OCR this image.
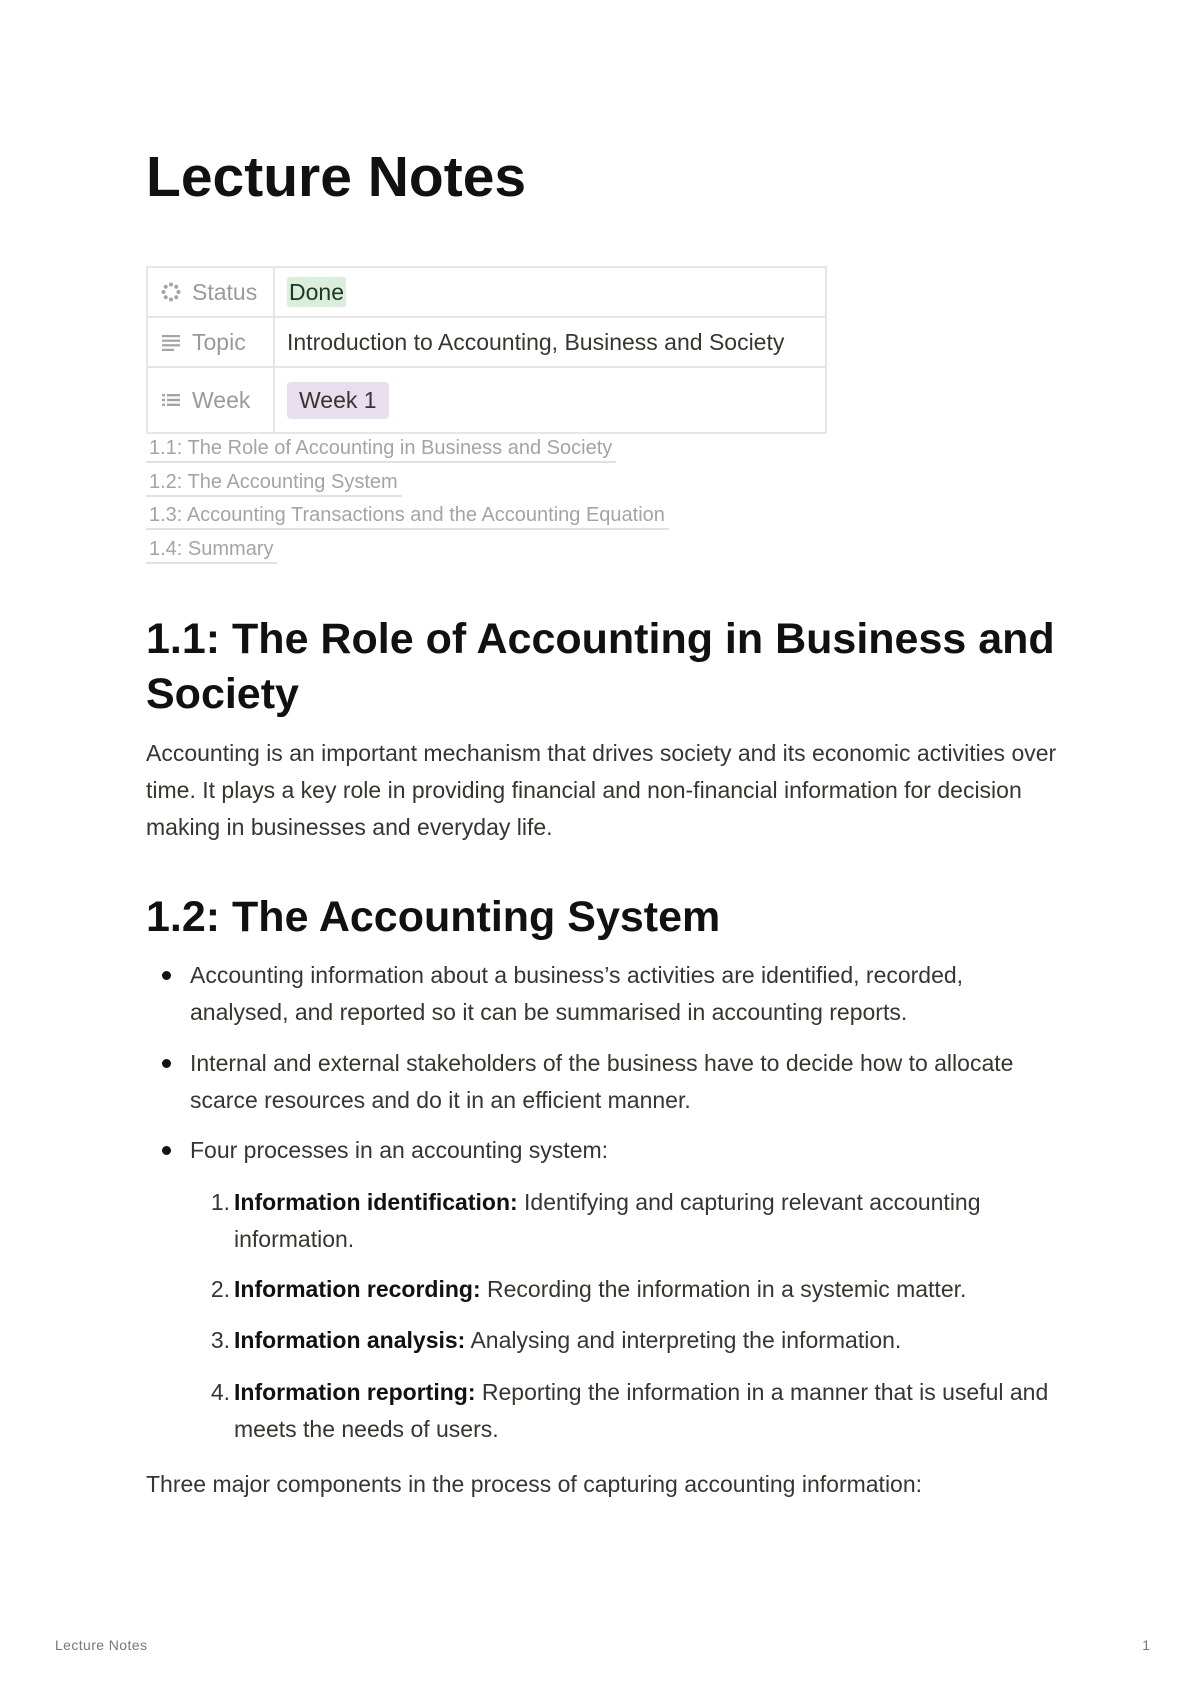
Lecture Notes
Status	Done

Topic	Introduction to Accounting, Business and Society

Week	Week 1
1.1: The Role of Accounting in Business and Society
1.2: The Accounting System
1.3: Accounting Transactions and the Accounting Equation
1.4: Summary
1.1: The Role of Accounting in Business and Society

Accounting is an important mechanism that drives society and its economic activities over time. It plays a key role in providing financial and non-financial information for decision making in businesses and everyday life.

1.2: The Accounting System
Accounting information about a business’s activities are identified, recorded, analysed, and reported so it can be summarised in accounting reports.
Internal and external stakeholders of the business have to decide how to allocate scarce resources and do it in an efficient manner.
Four processes in an accounting system:
1. Information identification: Identifying and capturing relevant accounting information.
2. Information recording: Recording the information in a systemic matter.
3. Information analysis: Analysing and interpreting the information.
4. Information reporting: Reporting the information in a manner that is useful and meets the needs of users.

Three major components in the process of capturing accounting information:

Lecture Notes	1
